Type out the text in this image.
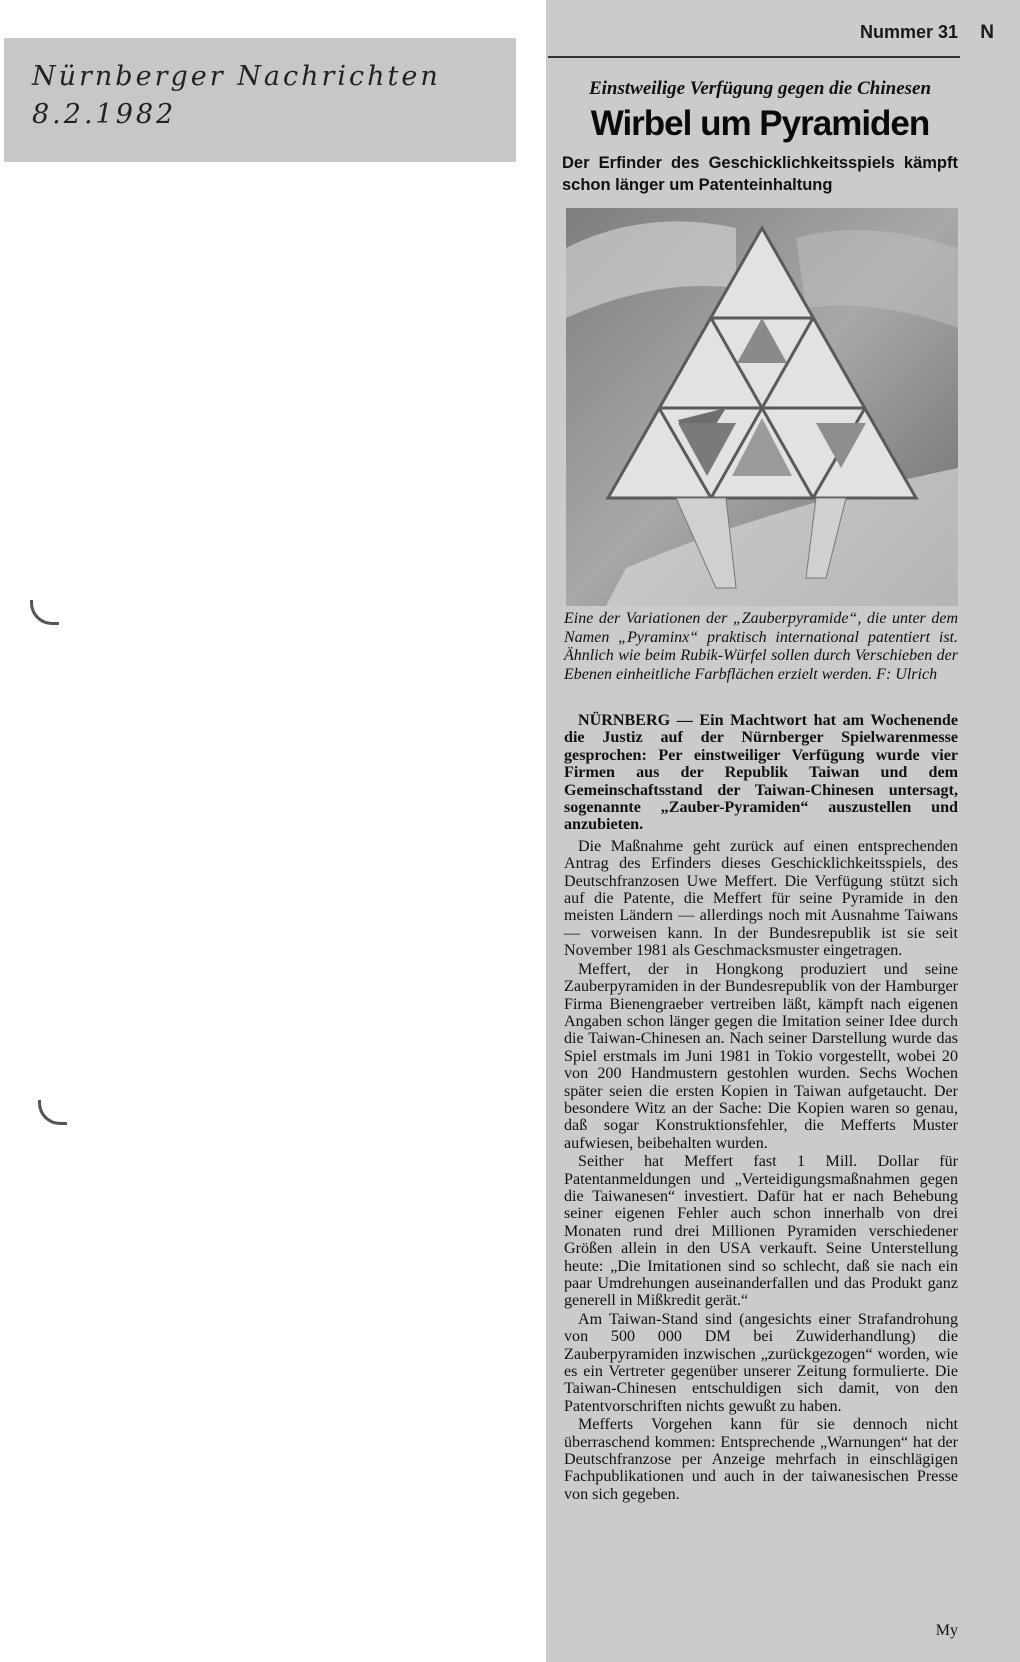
Nürnberger Nachrichten
8.2.1982
Nummer 31 N
Einstweilige Verfügung gegen die Chinesen
Wirbel um Pyramiden
Der Erfinder des Geschicklichkeitsspiels kämpft schon länger um Patenteinhaltung
Eine der Variationen der „Zauberpyramide“, die unter dem Namen „Pyraminx“ praktisch international patentiert ist. Ähnlich wie beim Rubik-Würfel sollen durch Verschieben der Ebenen einheitliche Farbflächen erzielt werden. F: Ulrich

NÜRNBERG — Ein Machtwort hat am Wochenende die Justiz auf der Nürnberger Spielwarenmesse gesprochen: Per einstweiliger Verfügung wurde vier Firmen aus der Republik Taiwan und dem Gemeinschaftsstand der Taiwan-Chinesen untersagt, sogenannte „Zauber-Pyramiden“ auszustellen und anzubieten.

Die Maßnahme geht zurück auf einen entsprechenden Antrag des Erfinders dieses Geschicklichkeitsspiels, des Deutschfranzosen Uwe Meffert. Die Verfügung stützt sich auf die Patente, die Meffert für seine Pyramide in den meisten Ländern — allerdings noch mit Ausnahme Taiwans — vorweisen kann. In der Bundesrepublik ist sie seit November 1981 als Geschmacksmuster eingetragen.

Meffert, der in Hongkong produziert und seine Zauberpyramiden in der Bundesrepublik von der Hamburger Firma Bienengraeber vertreiben läßt, kämpft nach eigenen Angaben schon länger gegen die Imitation seiner Idee durch die Taiwan-Chinesen an. Nach seiner Darstellung wurde das Spiel erstmals im Juni 1981 in Tokio vorgestellt, wobei 20 von 200 Handmustern gestohlen wurden. Sechs Wochen später seien die ersten Kopien in Taiwan aufgetaucht. Der besondere Witz an der Sache: Die Kopien waren so genau, daß sogar Konstruktionsfehler, die Mefferts Muster aufwiesen, beibehalten wurden.

Seither hat Meffert fast 1 Mill. Dollar für Patentanmeldungen und „Verteidigungsmaßnahmen gegen die Taiwanesen“ investiert. Dafür hat er nach Behebung seiner eigenen Fehler auch schon innerhalb von drei Monaten rund drei Millionen Pyramiden verschiedener Größen allein in den USA verkauft. Seine Unterstellung heute: „Die Imitationen sind so schlecht, daß sie nach ein paar Umdrehungen auseinanderfallen und das Produkt ganz generell in Mißkredit gerät.“

Am Taiwan-Stand sind (angesichts einer Strafandrohung von 500 000 DM bei Zuwiderhandlung) die Zauberpyramiden inzwischen „zurückgezogen“ worden, wie es ein Vertreter gegenüber unserer Zeitung formulierte. Die Taiwan-Chinesen entschuldigen sich damit, von den Patentvorschriften nichts gewußt zu haben.

Mefferts Vorgehen kann für sie dennoch nicht überraschend kommen: Entsprechende „Warnungen“ hat der Deutschfranzose per Anzeige mehrfach in einschlägigen Fachpublikationen und auch in der taiwanesischen Presse von sich gegeben.

My
